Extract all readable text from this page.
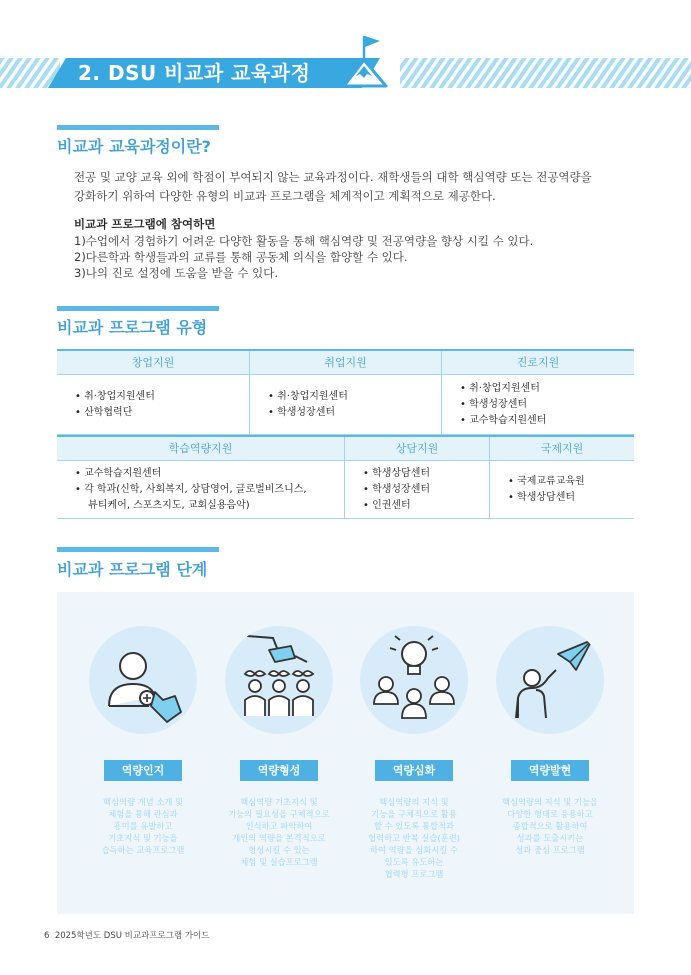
2. DSU 비교과 교육과정
비교과 교육과정이란?
전공 및 교양 교육 외에 학점이 부여되지 않는 교육과정이다. 재학생들의 대학 핵심역량 또는 전공역량을
강화하기 위하여 다양한 유형의 비교과 프로그램을 체계적이고 계획적으로 제공한다.
비교과 프로그램에 참여하면
1)수업에서 경험하기 어려운 다양한 활동을 통해 핵심역량 및 전공역량을 향상 시킬 수 있다.
2)다른학과 학생들과의 교류를 통해 공동체 의식을 함양할 수 있다.
3)나의 진로 설정에 도움을 받을 수 있다.
비교과 프로그램 유형
창업지원
• 취·창업지원센터
• 산학협력단
취업지원
• 취·창업지원센터
• 학생성장센터
진로지원
• 취·창업지원센터
• 학생성장센터
• 교수학습지원센터
학습역량지원
• 교수학습지원센터
• 각 학과(신학, 사회복지, 상담영어, 글로벌비즈니스,
　 뷰티케어, 스포츠지도, 교회실용음악)
상담지원
• 학생상담센터
• 학생성장센터
• 인권센터
국제지원
• 국제교류교육원
• 학생상담센터
비교과 프로그램 단계
역량인지
핵심역량 개념 소개 및
체험을 통해 관심과
흥미를 유발하고
기초지식 및 기능을
습득하는 교육프로그램
역량형성
핵심역량 기초지식 및
기능의 필요성을 구체적으로
인식하고 파악하여
개인의 역량을 본격적으로
형성시킬 수 있는
체험 및 실습프로그램
역량심화
핵심역량의 지식 및
기능을 구체적으로 활용
할 수 있도록 통합적과
협력하고 반복 실습(훈련)
하여 역량을 심화시킬 수
있도록 유도하는
협력형 프로그램
역량발현
핵심역량의 지식 및 기능을
다양한 형태로 응용하고
종합적으로 활용하여
성과를 도출시키는
성과 중심 프로그램
6 2025학년도 DSU 비교과프로그램 가이드
